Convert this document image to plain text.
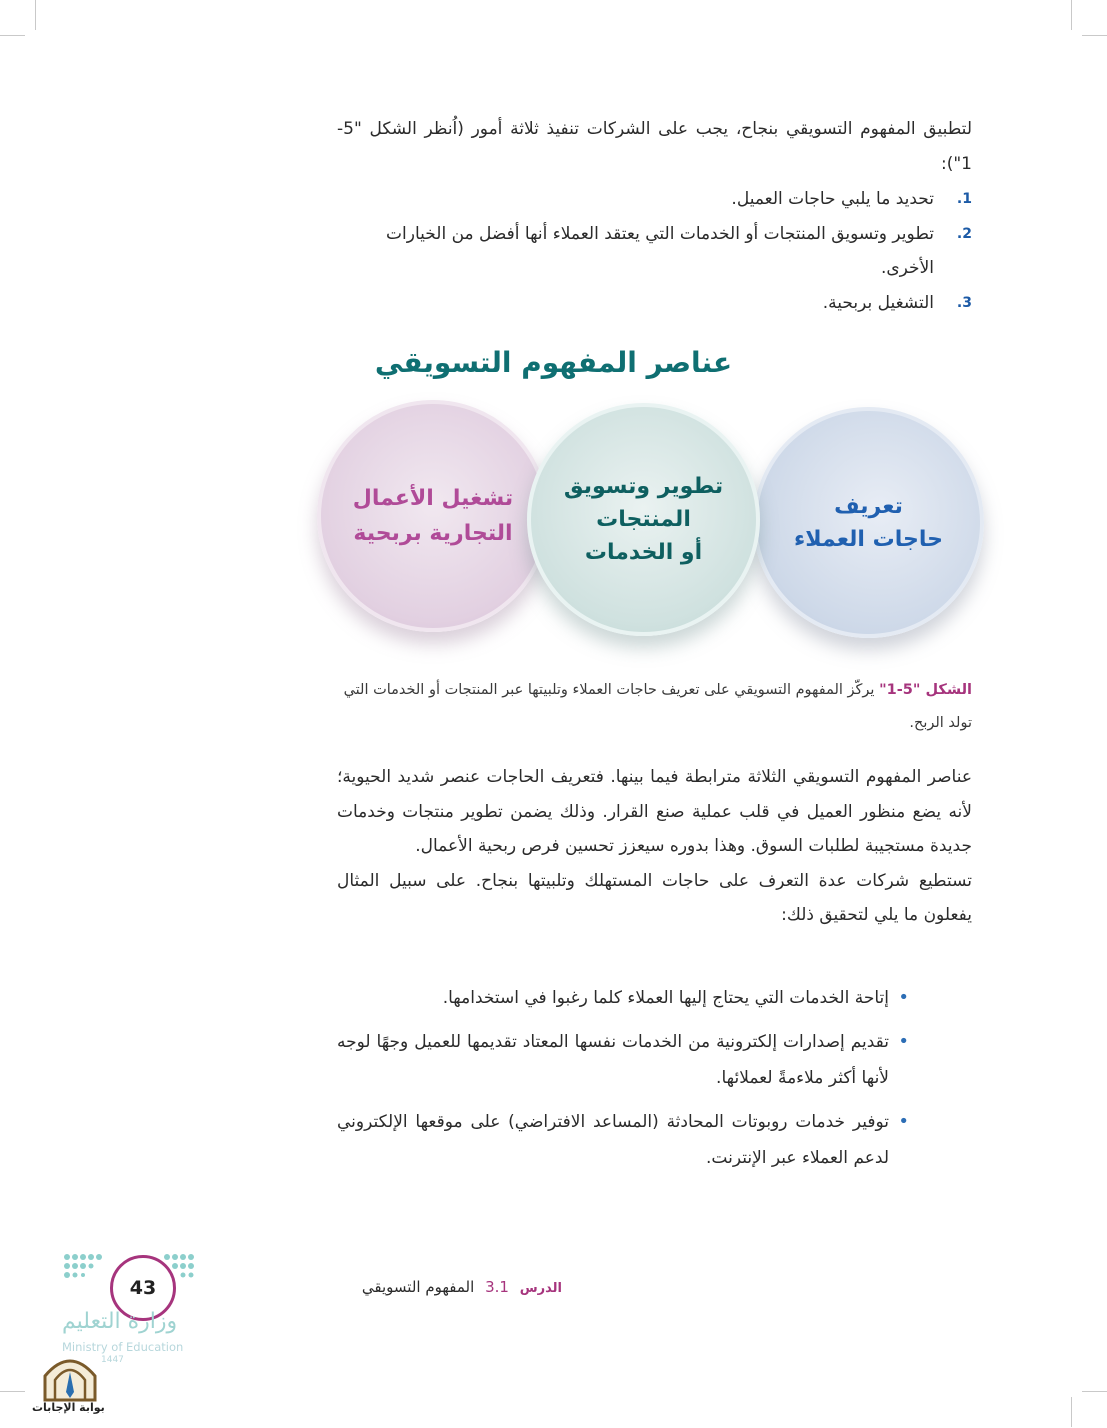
لتطبيق المفهوم التسويقي بنجاح، يجب على الشركات تنفيذ ثلاثة أمور (اُنظر الشكل "5-1"):

1.
تحديد ما يلبي حاجات العميل.
2.
تطوير وتسويق المنتجات أو الخدمات التي يعتقد العملاء أنها أفضل من الخيارات الأخرى.
3.
التشغيل بربحية.
عناصر المفهوم التسويقي
تشغيل الأعمال
التجارية بربحية
تعريف
حاجات العملاء
تطوير وتسويق
المنتجات
أو الخدمات
الشكل "5-1" يركّز المفهوم التسويقي على تعريف حاجات العملاء وتلبيتها عبر المنتجات أو الخدمات التي تولد الربح.

عناصر المفهوم التسويقي الثلاثة مترابطة فيما بينها. فتعريف الحاجات عنصر شديد الحيوية؛ لأنه يضع منظور العميل في قلب عملية صنع القرار. وذلك يضمن تطوير منتجات وخدمات جديدة مستجيبة لطلبات السوق. وهذا بدوره سيعزز تحسين فرص ربحية الأعمال.

تستطيع شركات عدة التعرف على حاجات المستهلك وتلبيتها بنجاح. على سبيل المثال يفعلون ما يلي لتحقيق ذلك:

•
إتاحة الخدمات التي يحتاج إليها العملاء كلما رغبوا في استخدامها.
•
تقديم إصدارات إلكترونية من الخدمات نفسها المعتاد تقديمها للعميل وجهًا لوجه لأنها أكثر ملاءمةً لعملائها.
•
توفير خدمات روبوتات المحادثة (المساعد الافتراضي) على موقعها الإلكتروني لدعم العملاء عبر الإنترنت.
الدرس 3.1 المفهوم التسويقي
43
وزارة التعليم
Ministry of Education
1447
بوابة الإجابات
